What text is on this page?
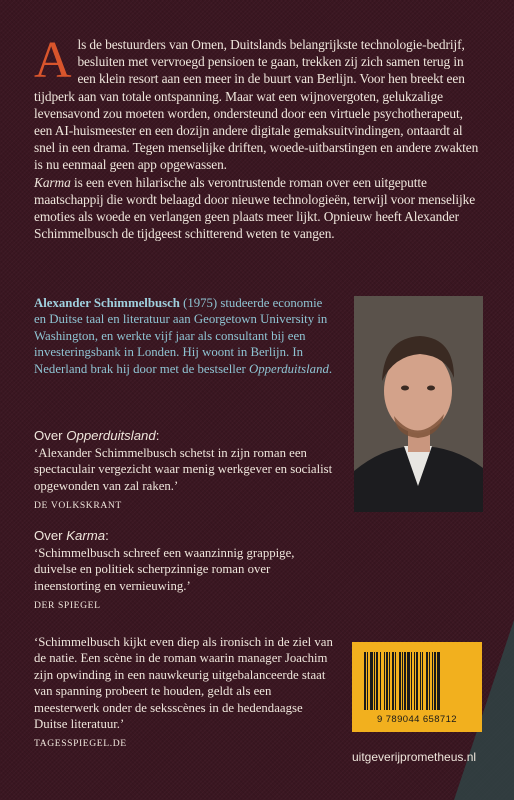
Als de bestuurders van Omen, Duitslands belangrijkste technologie-bedrijf, besluiten met vervroegd pensioen te gaan, trekken zij zich samen terug in een klein resort aan een meer in de buurt van Berlijn. Voor hen breekt een tijdperk aan van totale ontspanning. Maar wat een wijnovergoten, gelukzalige levensavond zou moeten worden, ondersteund door een virtuele psychotherapeut, een AI-huismeester en een dozijn andere digitale gemaksuitvindingen, ontaardt al snel in een drama. Tegen menselijke driften, woede-uitbarstingen en andere zwakten is nu eenmaal geen app opgewassen.

Karma is een even hilarische als verontrustende roman over een uitgeputte maatschappij die wordt belaagd door nieuwe technologieën, terwijl voor menselijke emoties als woede en verlangen geen plaats meer lijkt. Opnieuw heeft Alexander Schimmelbusch de tijdgeest schitterend weten te vangen.

Alexander Schimmelbusch (1975) studeerde economie en Duitse taal en literatuur aan Georgetown University in Washington, en werkte vijf jaar als consultant bij een investeringsbank in Londen. Hij woont in Berlijn. In Nederland brak hij door met de bestseller Opperduitsland.
Over Opperduitsland:
‘Alexander Schimmelbusch schetst in zijn roman een spectaculair vergezicht waar menig werkgever en socialist opgewonden van zal raken.’
DE VOLKSKRANT
Over Karma:
‘Schimmelbusch schreef een waanzinnig grappige, duivelse en politiek scherpzinnige roman over ineenstorting en vernieuwing.’
DER SPIEGEL
‘Schimmelbusch kijkt even diep als ironisch in de ziel van de natie. Een scène in de roman waarin manager Joachim zijn opwinding in een nauwkeurig uitgebalanceerde staat van spanning probeert te houden, geldt als een meesterwerk onder de seksscènes in de hedendaagse Duitse literatuur.’
TAGESSPIEGEL.DE
9 789044 658712
uitgeverijprometheus.nl
